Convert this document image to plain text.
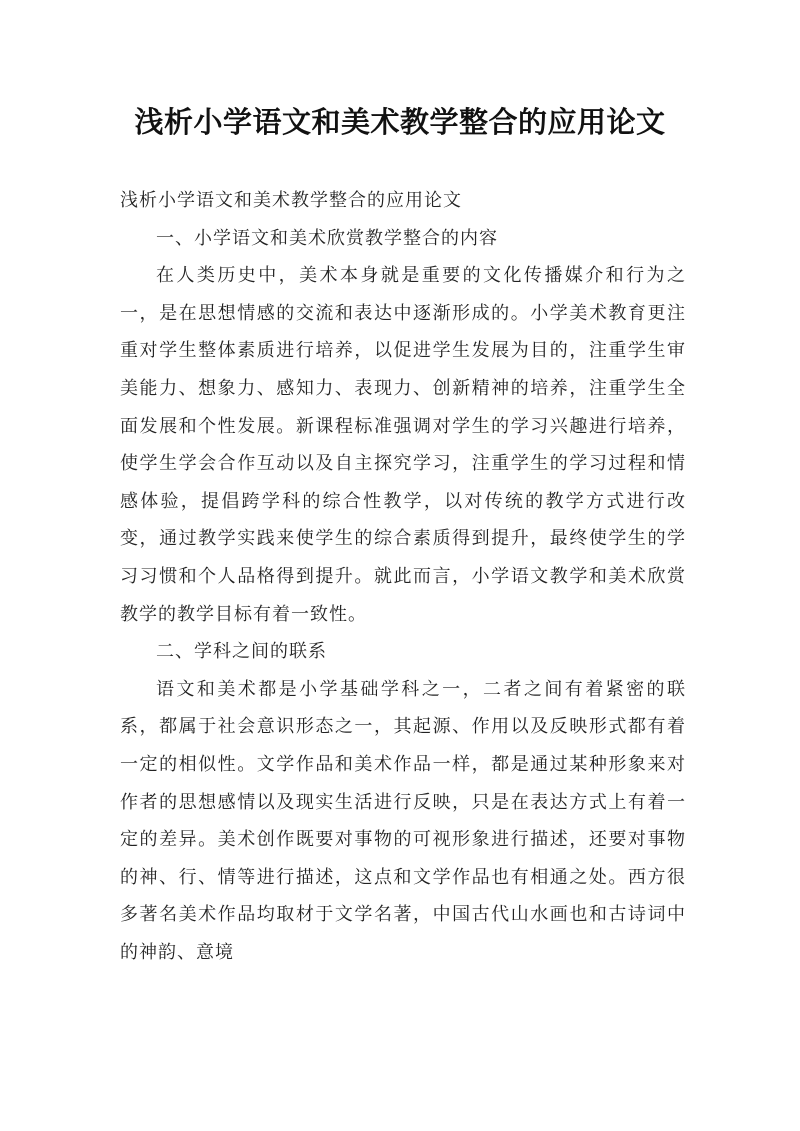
浅析小学语文和美术教学整合的应用论文

浅析小学语文和美术教学整合的应用论文

一、小学语文和美术欣赏教学整合的内容

在人类历史中，美术本身就是重要的文化传播媒介和行为之一，是在思想情感的交流和表达中逐渐形成的。小学美术教育更注重对学生整体素质进行培养，以促进学生发展为目的，注重学生审美能力、想象力、感知力、表现力、创新精神的培养，注重学生全面发展和个性发展。新课程标准强调对学生的学习兴趣进行培养，使学生学会合作互动以及自主探究学习，注重学生的学习过程和情感体验，提倡跨学科的综合性教学，以对传统的教学方式进行改变，通过教学实践来使学生的综合素质得到提升，最终使学生的学习习惯和个人品格得到提升。就此而言，小学语文教学和美术欣赏教学的教学目标有着一致性。

二、学科之间的联系

语文和美术都是小学基础学科之一，二者之间有着紧密的联系，都属于社会意识形态之一，其起源、作用以及反映形式都有着一定的相似性。文学作品和美术作品一样，都是通过某种形象来对作者的思想感情以及现实生活进行反映，只是在表达方式上有着一定的差异。美术创作既要对事物的可视形象进行描述，还要对事物的神、行、情等进行描述，这点和文学作品也有相通之处。西方很多著名美术作品均取材于文学名著，中国古代山水画也和古诗词中的神韵、意境
